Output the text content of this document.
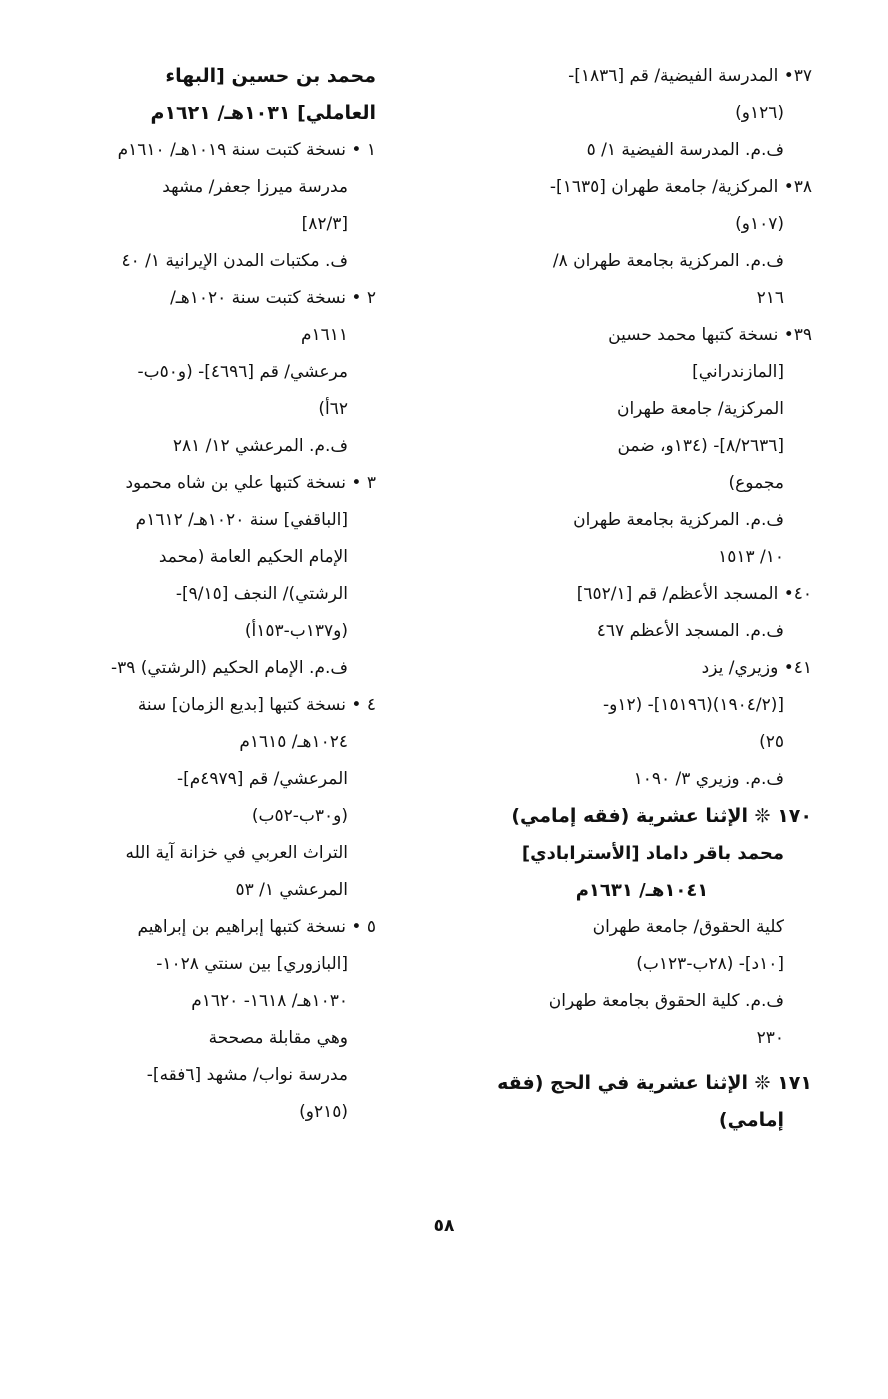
٣٧• المدرسة الفيضية/ قم [١٨٣٦]-
(١٢٦و)
ف.م. المدرسة الفيضية ١/ ٥
٣٨• المركزية/ جامعة طهران [١٦٣٥]-
(١٠٧و)
ف.م. المركزية بجامعة طهران ٨/
٢١٦
٣٩• نسخة كتبها محمد حسين
[المازندراني]
المركزية/ جامعة طهران
[٨/٢٦٣٦]- (١٣٤و، ضمن
مجموع)
ف.م. المركزية بجامعة طهران
١٠/ ١٥١٣
٤٠• المسجد الأعظم/ قم [٦٥٢/١]
ف.م. المسجد الأعظم ٤٦٧
٤١• وزيري/ يزد
[(١٩٠٤/٢)(١٥١٩٦]- (١٢و-
٢٥)
ف.م. وزيري ٣/ ١٠٩٠
١٧٠ ❊ الإثنا عشرية (فقه إمامي)
محمد باقر داماد [الأسترابادي]
١٠٤١هـ/ ١٦٣١م
كلية الحقوق/ جامعة طهران
[١٠د]- (٢٨ب-١٢٣ب)
ف.م. كلية الحقوق بجامعة طهران
٢٣٠
١٧١ ❊ الإثنا عشرية في الحج (فقه
إمامي)
محمد بن حسين [البهاء
العاملي] ١٠٣١هـ/ ١٦٢١م
١ • نسخة كتبت سنة ١٠١٩هـ/ ١٦١٠م
مدرسة ميرزا جعفر/ مشهد
[٨٢/٣]
ف. مكتبات المدن الإيرانية ١/ ٤٠
٢ • نسخة كتبت سنة ١٠٢٠هـ/
١٦١١م
مرعشي/ قم [٤٦٩٦]- (و٥٠ب-
٦٢أ)
ف.م. المرعشي ١٢/ ٢٨١
٣ • نسخة كتبها علي بن شاه محمود
[الباقفي] سنة ١٠٢٠هـ/ ١٦١٢م
الإمام الحكيم العامة (محمد
الرشتي)/ النجف [٩/١٥]-
(و١٣٧ب-١٥٣أ)
ف.م. الإمام الحكيم (الرشتي) ٣٩-
٤ • نسخة كتبها [بديع الزمان] سنة
١٠٢٤هـ/ ١٦١٥م
المرعشي/ قم [٤٩٧٩م]-
(و٣٠ب-٥٢ب)
التراث العربي في خزانة آية الله
المرعشي ١/ ٥٣
٥ • نسخة كتبها إبراهيم بن إبراهيم
[البازوري] بين سنتي ١٠٢٨-
١٠٣٠هـ/ ١٦١٨- ١٦٢٠م
وهي مقابلة مصححة
مدرسة نواب/ مشهد [٦فقه]-
(٢١٥و)
٥٨
